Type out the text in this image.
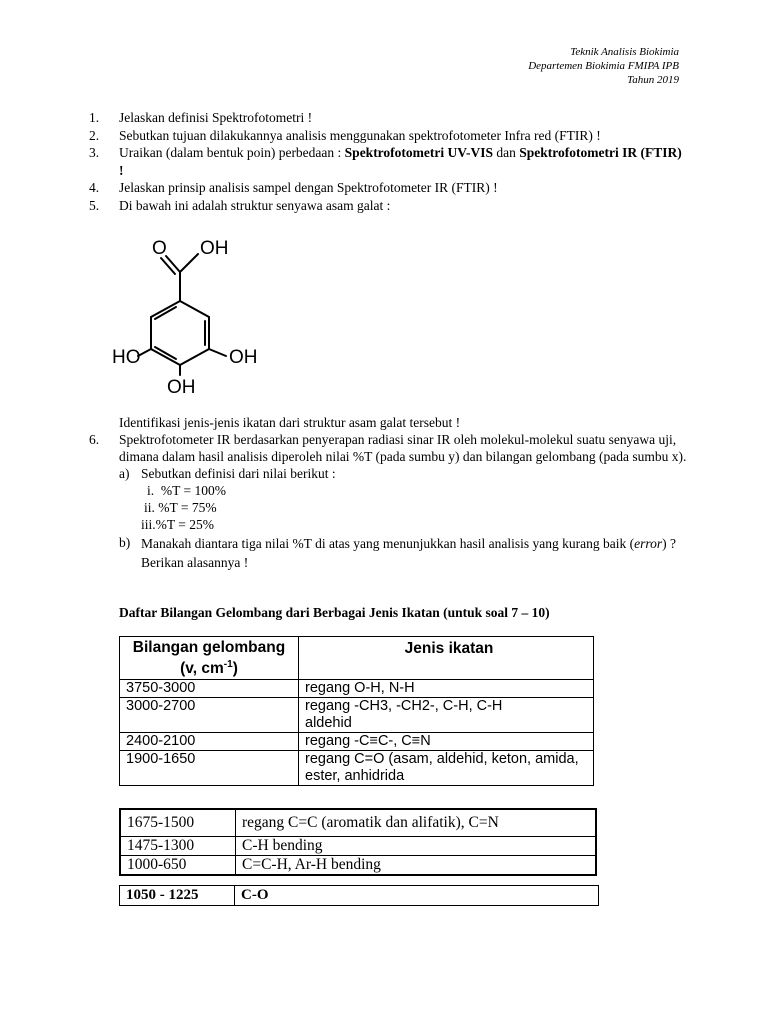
Teknik Analisis Biokimia
Departemen Biokimia FMIPA IPB
Tahun 2019
1.	Jelaskan definisi Spektrofotometri !
2.	Sebutkan tujuan dilakukannya analisis menggunakan spektrofotometer Infra red (FTIR) !
3.	Uraikan (dalam bentuk poin) perbedaan : Spektrofotometri UV-VIS dan Spektrofotometri IR (FTIR) !
4.	Jelaskan prinsip analisis sampel dengan Spektrofotometer IR (FTIR) !
5.	Di bawah ini adalah struktur senyawa asam galat :
O OH
HO	OH
OH
Identifikasi jenis-jenis ikatan dari struktur asam galat tersebut !
6.	Spektrofotometer IR berdasarkan penyerapan radiasi sinar IR oleh molekul-molekul suatu senyawa uji, dimana dalam hasil analisis diperoleh nilai %T (pada sumbu y) dan bilangan gelombang (pada sumbu x).
a) Sebutkan definisi dari nilai berikut :
i.  %T = 100%
ii. %T = 75%
iii.%T = 25%
b) Manakah diantara tiga nilai %T di atas yang menunjukkan hasil analisis yang kurang baik (error) ? Berikan alasannya !
Daftar Bilangan Gelombang dari Berbagai Jenis Ikatan (untuk soal 7 – 10)
Bilangan gelombang
(v, $cm^{-1}$)	Jenis ikatan
3750-3000	regang O-H, N-H
3000-2700	regang -CH3, -CH2-, C-H, C-H aldehid
2400-2100	regang -C≡C-, C≡N
1900-1650	regang C=O (asam, aldehid, keton, amida, ester, anhidrida
1675-1500	regang C=C (aromatik dan alifatik), C=N
1475-1300	C-H bending
1000-650	C=C-H, Ar-H bending
1050 - 1225	C-O
